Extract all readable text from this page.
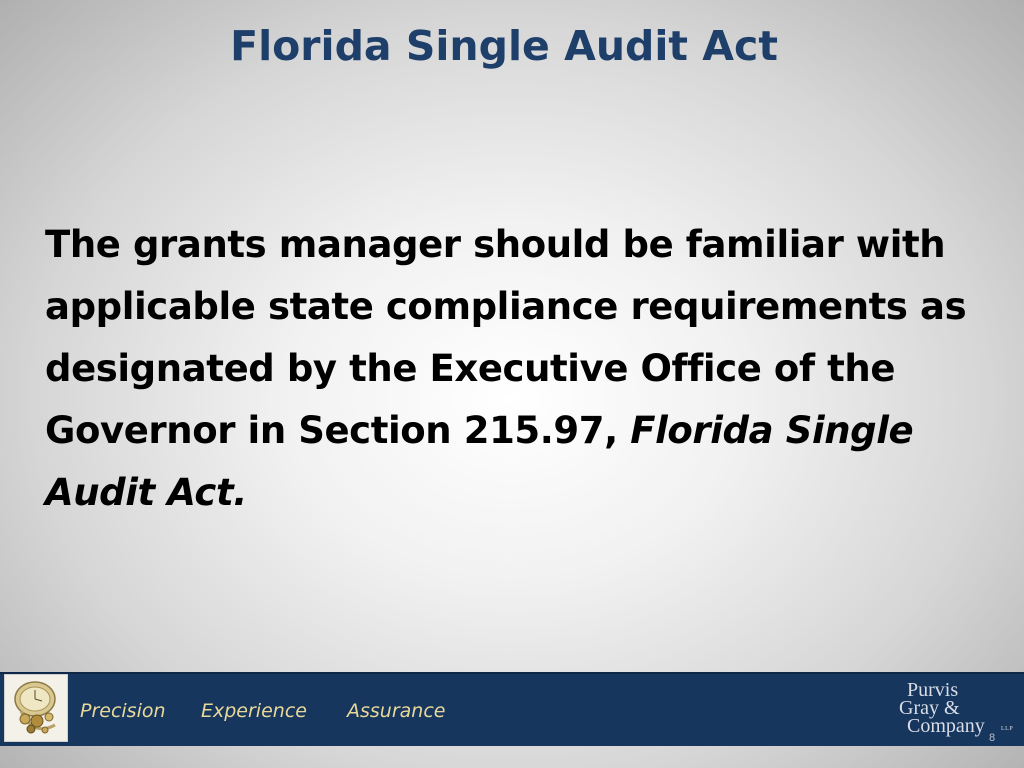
Florida Single Audit Act
The grants manager should be familiar with applicable state compliance requirements as designated by the Executive Office of the Governor in Section 215.97, Florida Single Audit Act.
Precision Experience Assurance
Purvis
Gray &
Company	LLP
8
